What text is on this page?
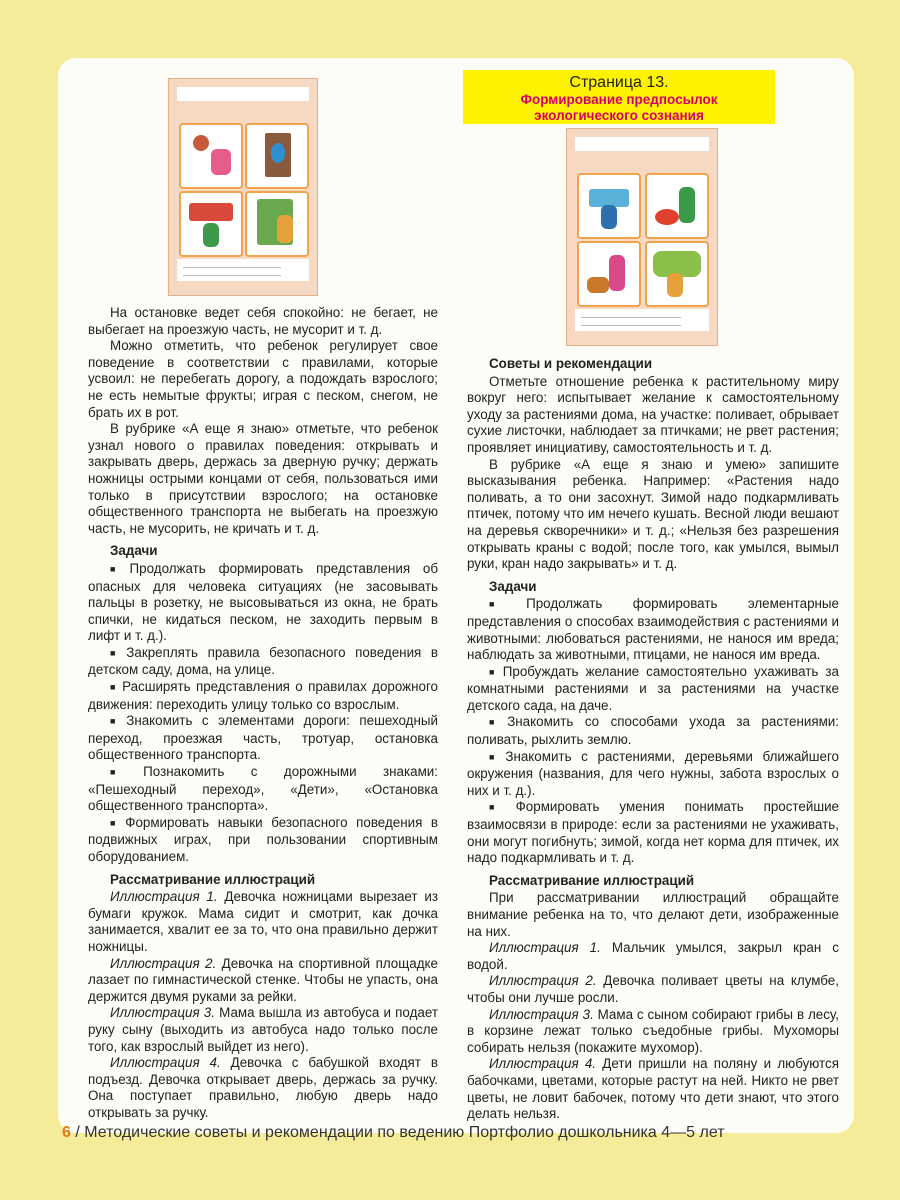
Страница 13.
Формирование предпосылок
экологического сознания

На остановке ведет себя спокойно: не бегает, не выбегает на проезжую часть, не мусорит и т. д.

Можно отметить, что ребенок регулирует свое поведение в соответствии с правилами, которые усвоил: не перебегать дорогу, а подождать взрослого; не есть немытые фрукты; играя с песком, снегом, не брать их в рот.

В рубрике «А еще я знаю» отметьте, что ребенок узнал нового о правилах поведения: открывать и закрывать дверь, держась за дверную ручку; держать ножницы острыми концами от себя, пользоваться ими только в присутствии взрослого; на остановке общественного транспорта не выбегать на проезжую часть, не мусорить, не кричать и т. д.

Задачи

■ Продолжать формировать представления об опасных для человека ситуациях (не засовывать пальцы в розетку, не высовываться из окна, не брать спички, не кидаться песком, не заходить первым в лифт и т. д.).

■ Закреплять правила безопасного поведения в детском саду, дома, на улице.

■ Расширять представления о правилах дорожного движения: переходить улицу только со взрослым.

■ Знакомить с элементами дороги: пешеходный переход, проезжая часть, тротуар, остановка общественного транспорта.

■ Познакомить с дорожными знаками: «Пешеходный переход», «Дети», «Остановка общественного транспорта».

■ Формировать навыки безопасного поведения в подвижных играх, при пользовании спортивным оборудованием.

Рассматривание иллюстраций

Иллюстрация 1. Девочка ножницами вырезает из бумаги кружок. Мама сидит и смотрит, как дочка занимается, хвалит ее за то, что она правильно держит ножницы.

Иллюстрация 2. Девочка на спортивной площадке лазает по гимнастической стенке. Чтобы не упасть, она держится двумя руками за рейки.

Иллюстрация 3. Мама вышла из автобуса и подает руку сыну (выходить из автобуса надо только после того, как взрослый выйдет из него).

Иллюстрация 4. Девочка с бабушкой входят в подъезд. Девочка открывает дверь, держась за ручку. Она поступает правильно, любую дверь надо открывать за ручку.

Советы и рекомендации

Отметьте отношение ребенка к растительному миру вокруг него: испытывает желание к самостоятельному уходу за растениями дома, на участке: поливает, обрывает сухие листочки, наблюдает за птичками; не рвет растения; проявляет инициативу, самостоятельность и т. д.

В рубрике «А еще я знаю и умею» запишите высказывания ребенка. Например: «Растения надо поливать, а то они засохнут. Зимой надо подкармливать птичек, потому что им нечего кушать. Весной люди вешают на деревья скворечники» и т. д.; «Нельзя без разрешения открывать краны с водой; после того, как умылся, вымыл руки, кран надо закрывать» и т. д.

Задачи

■ Продолжать формировать элементарные представления о способах взаимодействия с растениями и животными: любоваться растениями, не нанося им вреда; наблюдать за животными, птицами, не нанося им вреда.

■ Пробуждать желание самостоятельно ухаживать за комнатными растениями и за растениями на участке детского сада, на даче.

■ Знакомить со способами ухода за растениями: поливать, рыхлить землю.

■ Знакомить с растениями, деревьями ближайшего окружения (названия, для чего нужны, забота взрослых о них и т. д.).

■ Формировать умения понимать простейшие взаимосвязи в природе: если за растениями не ухаживать, они могут погибнуть; зимой, когда нет корма для птичек, их надо подкармливать и т. д.

Рассматривание иллюстраций

При рассматривании иллюстраций обращайте внимание ребенка на то, что делают дети, изображенные на них.

Иллюстрация 1. Мальчик умылся, закрыл кран с водой.

Иллюстрация 2. Девочка поливает цветы на клумбе, чтобы они лучше росли.

Иллюстрация 3. Мама с сыном собирают грибы в лесу, в корзине лежат только съедобные грибы. Мухоморы собирать нельзя (покажите мухомор).

Иллюстрация 4. Дети пришли на поляну и любуются бабочками, цветами, которые растут на ней. Никто не рвет цветы, не ловит бабочек, потому что дети знают, что этого делать нельзя.

6 / Методические советы и рекомендации по ведению Портфолио дошкольника 4—5 лет
